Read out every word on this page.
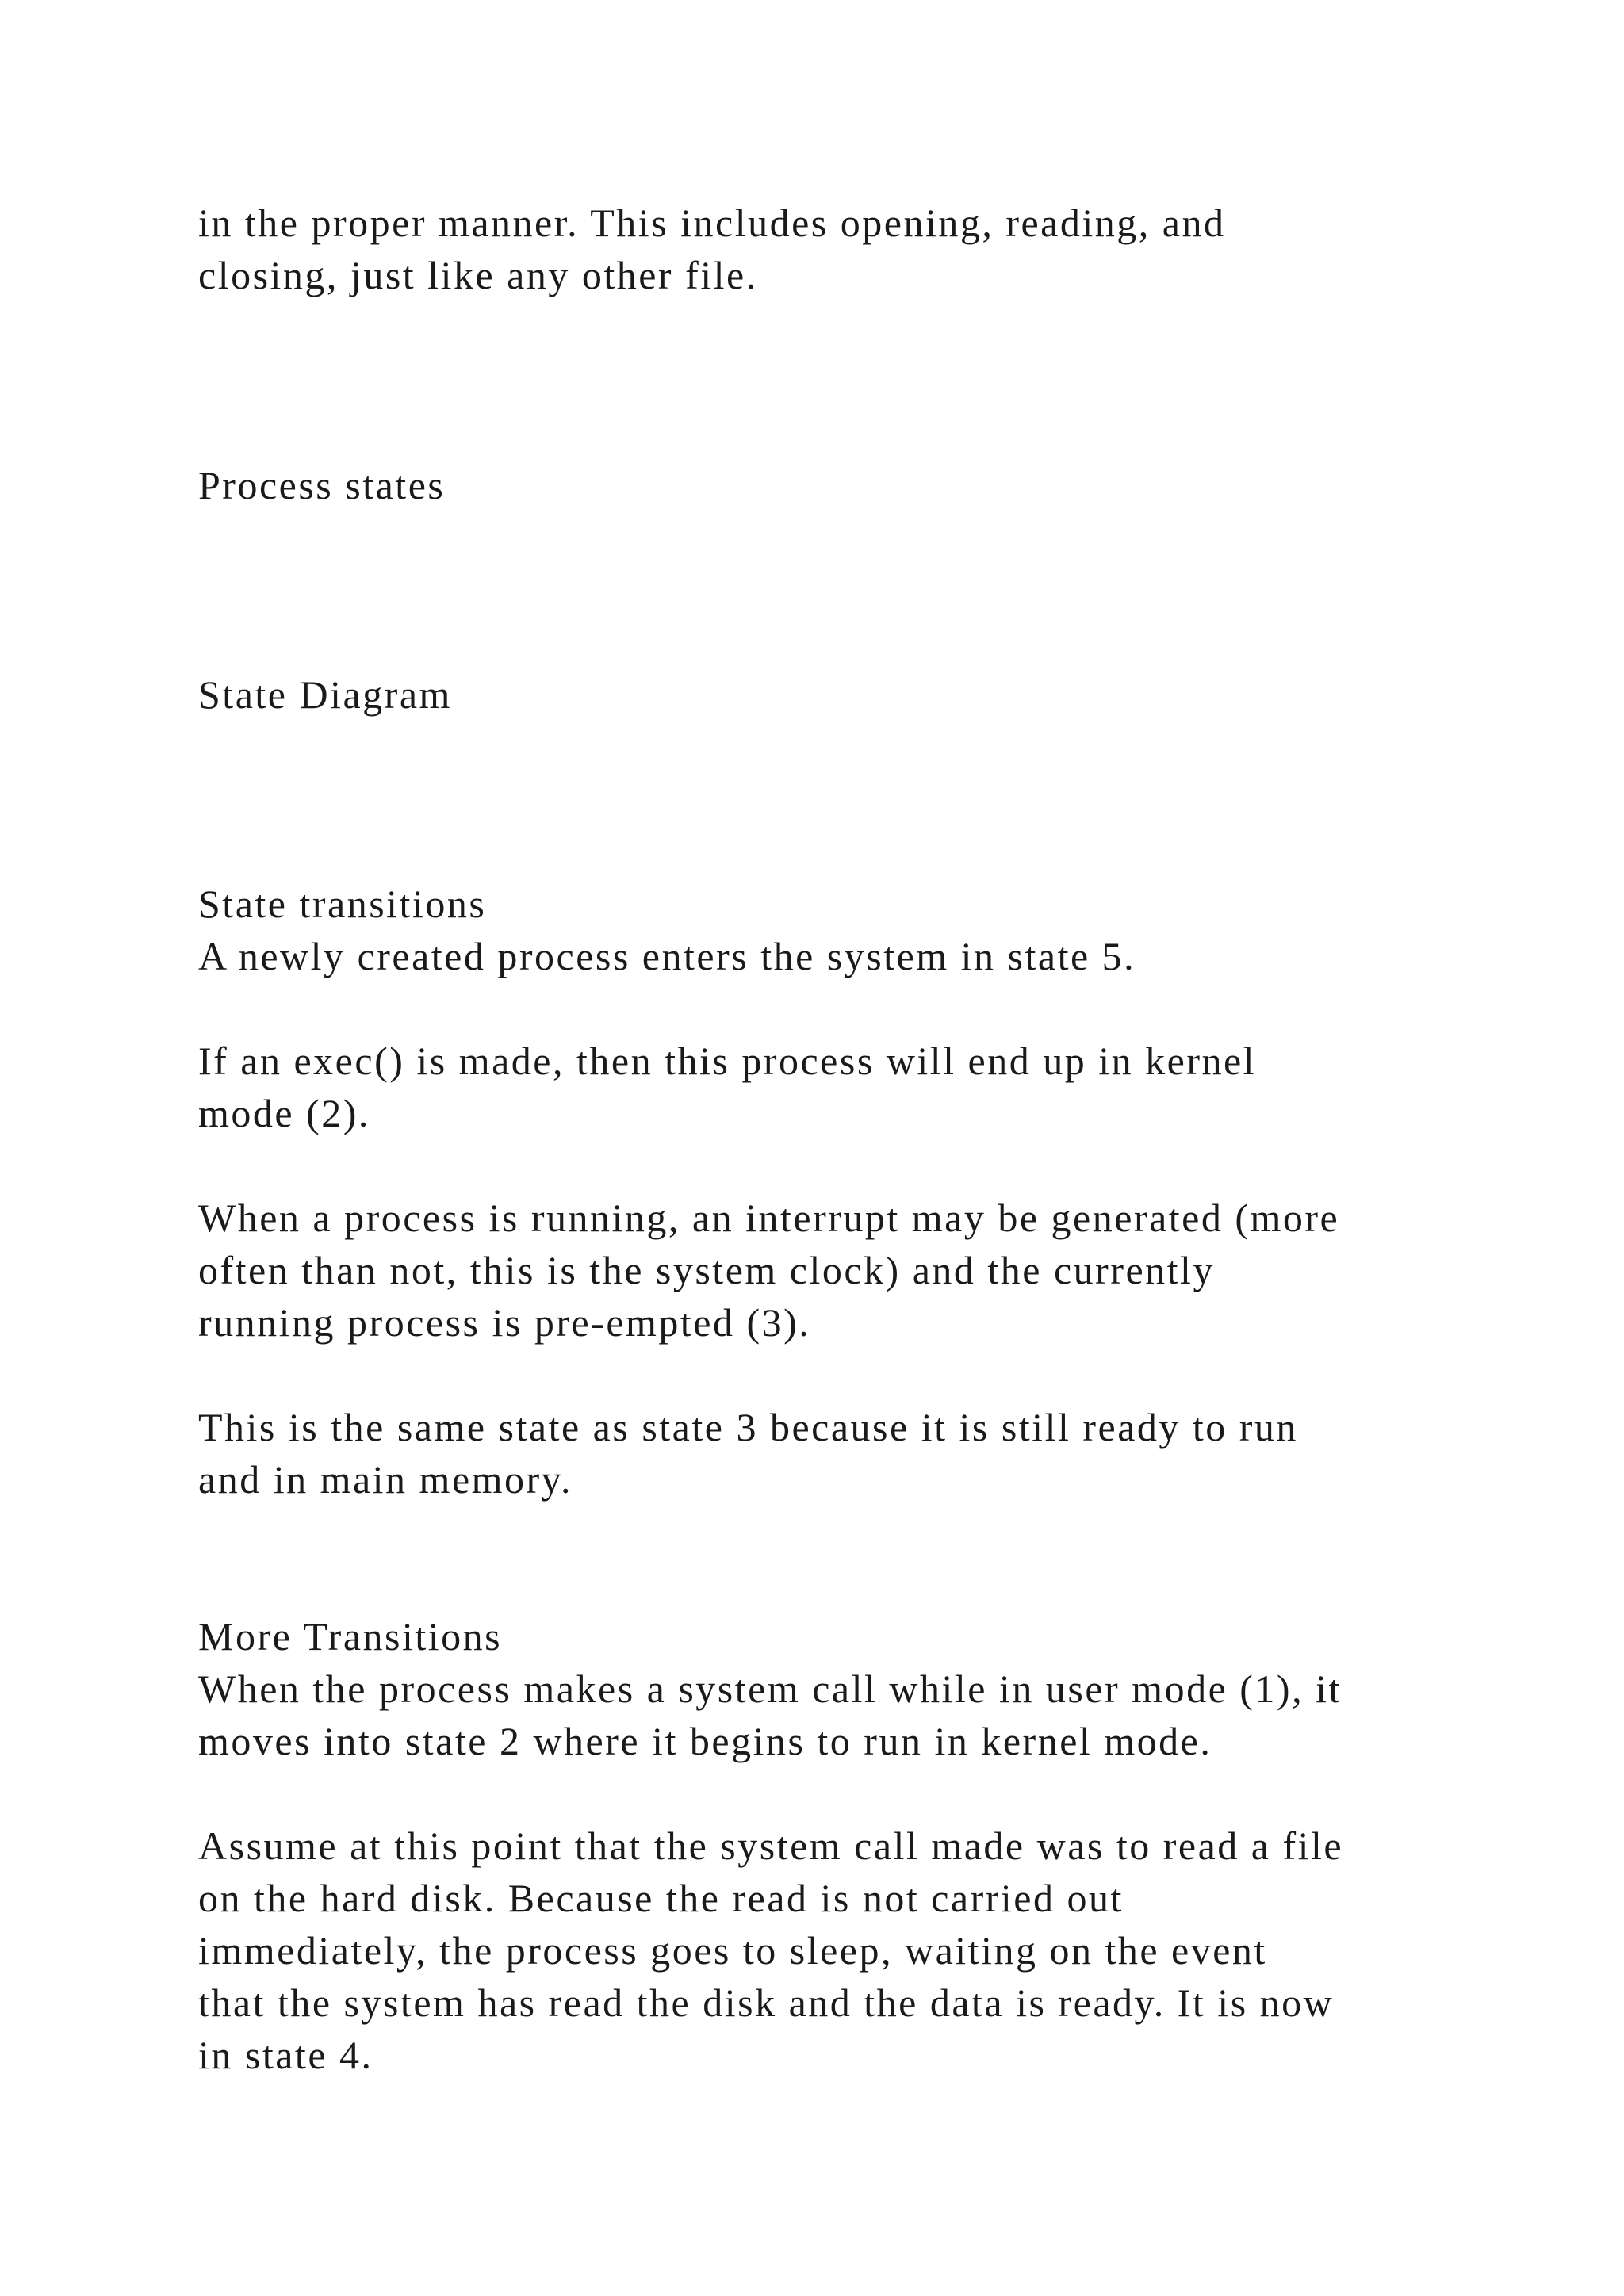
in the proper manner. This includes opening, reading, and

closing, just like any other file.

Process states

State Diagram

State transitions

A newly created process enters the system in state 5.

If an exec() is made, then this process will end up in kernel

mode (2).

When a process is running, an interrupt may be generated (more

often than not, this is the system clock) and the currently

running process is pre-empted (3).

This is the same state as state 3 because it is still ready to run

and in main memory.

More Transitions

When the process makes a system call while in user mode (1), it

moves into state 2 where it begins to run in kernel mode.

Assume at this point that the system call made was to read a file

on the hard disk. Because the read is not carried out

immediately, the process goes to sleep, waiting on the event

that the system has read the disk and the data is ready. It is now

in state 4.
